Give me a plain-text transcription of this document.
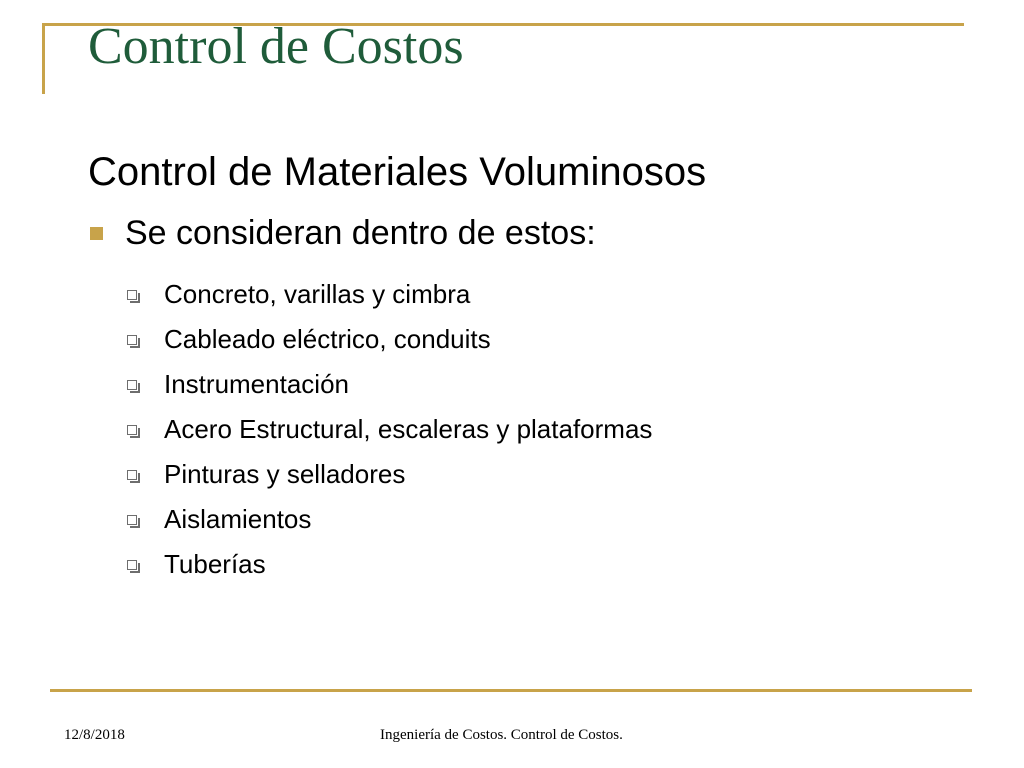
Control de Costos
Control de Materiales Voluminosos
Se consideran dentro de estos:
Concreto, varillas y cimbra
Cableado eléctrico, conduits
Instrumentación
Acero Estructural, escaleras y plataformas
Pinturas y selladores
Aislamientos
Tuberías
12/8/2018	Ingeniería de Costos. Control de Costos.
